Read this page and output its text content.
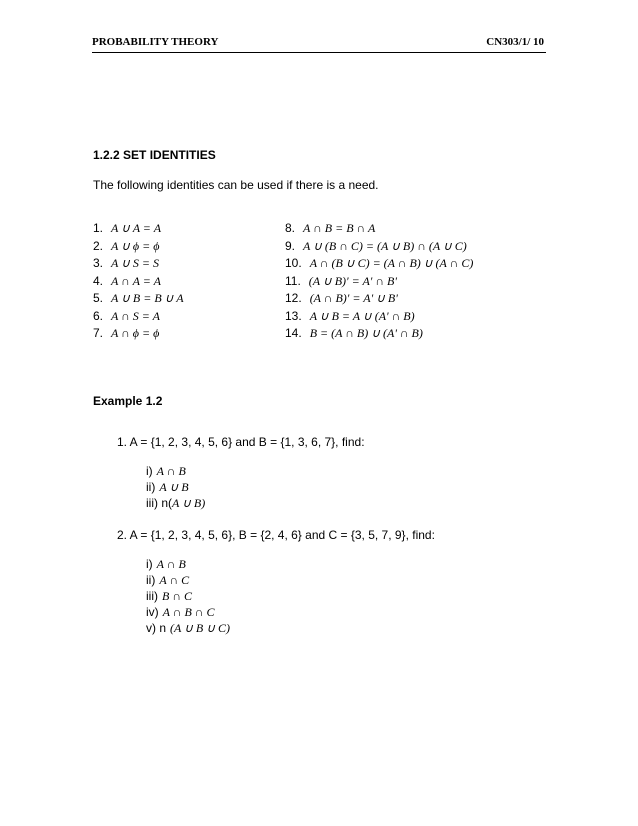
PROBABILITY THEORY	CN303/1/ 10
1.2.2 SET IDENTITIES
The following identities can be used if there is a need.
1. A ∪ A = A
2. A ∪ ϕ = ϕ
3. A ∪ S = S
4. A ∩ A = A
5. A ∪ B = B ∪ A
6. A ∩ S = A
7. A ∩ ϕ = ϕ
8. A ∩ B = B ∩ A
9. A ∪ (B ∩ C) = (A ∪ B) ∩ (A ∪ C)
10. A ∩ (B ∪ C) = (A ∩ B) ∪ (A ∩ C)
11. (A ∪ B)' = A' ∩ B'
12. (A ∩ B)' = A' ∪ B'
13. A ∪ B = A ∪ (A' ∩ B)
14. B = (A ∩ B) ∪ (A' ∩ B)
Example 1.2
1. A = {1, 2, 3, 4, 5, 6} and B = {1, 3, 6, 7}, find:
i) A ∩ B
ii) A ∪ B
iii) n(A ∪ B)
2. A = {1, 2, 3, 4, 5, 6}, B = {2, 4, 6} and C = {3, 5, 7, 9}, find:
i) A ∩ B
ii) A ∩ C
iii) B ∩ C
iv) A ∩ B ∩ C
v) n (A ∪ B ∪ C)
